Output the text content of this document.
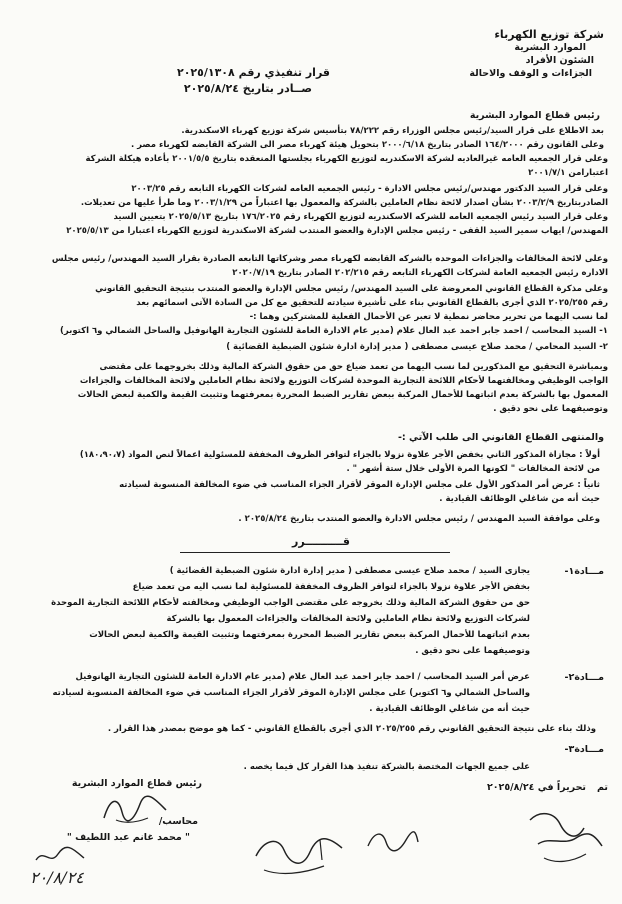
شركة توزيع الكهرباء
الموارد البشرية
الشئون الأفراد
الجزاءات و الوقف والاحالة
قرار تنفيذي رقم ٢٠٢٥/١٣٠٨
صــادر بتاريخ ٢٠٢٥/٨/٢٤
رئيس قطاع الموارد البشرية
بعد الاطلاع على قرار السيد/رئيس مجلس الوزراء رقم ٧٨/٢٢٢ بتأسيس شركة توزيع كهرباء الاسكندرية.
وعلى القانون رقم ١٦٤/٢٠٠٠ الصادر بتاريخ ٢٠٠٠/٦/١٨ بتحويل هيئة كهرباء مصر الى الشركة القابضه لكهرباء مصر .
وعلى قرار الجمعيه العامه غيرالعاديه لشركة الاسكندريه لتوزيع الكهرباء بجلستها المنعقده بتاريخ ٢٠٠١/٥/٥ بأعاده هيكلة الشركة
اعتبارامن ٢٠٠١/٧/١
وعلى قرار السيد الدكتور مهندس/رئيس مجلس الادارة - رئيس الجمعيه العامه لشركات الكهرباء التابعه رقم ٢٠٠٣/٢٥
الصادربتاريخ ٢٠٠٣/٢/٩ بشأن اصدار لائحة نظام العاملين بالشركة والمعمول بها اعتباراً من ٢٠٠٣/١/٢٩ وما طرأ عليها من تعديلات.
وعلى قرار السيد رئيس الجمعيه العامه للشركه الاسكندريه لتوزيع الكهرباء رقم ١٧٦/٢٠٢٥ بتاريخ ٢٠٢٥/٥/١٣ بتعيين السيد
المهندس/ ايهاب سمير السيد القفى - رئيس مجلس الإدارة والعضو المنتدب لشركة الاسكندرية لتوزيع الكهرباء اعتبارا من ٢٠٢٥/٥/١٣
وعلى لائحة المخالفات والجزاءات الموحده بالشركه القابضه لكهرباء مصر وشركاتها التابعه الصادرة بقرار السيد المهندس/ رئيس مجلس
الاداره رئيس الجمعيه العامة لشركات الكهرباء التابعه رقم ٢٠٢/٢١٥ الصادر بتاريخ ٢٠٢٠/٧/١٩
وعلى مذكرة القطاع القانوني المعروضة على السيد المهندس/ رئيس مجلس الإدارة والعضو المنتدب بنتيجة التحقيق القانوني
رقم ٢٠٢٥/٢٥٥ الذي أجرى بالقطاع القانوني بناء على تأشيرة سيادته للتحقيق مع كل من السادة الآتى اسمائهم بعد
لما نسب اليهما من تحرير محاضر نمطية لا تعبر عن الأحمال الفعلية للمشتركين وهما :-
١- السيد المحاسب / احمد جابر احمد عبد العال علام (مدير عام الادارة العامة للشئون التجارية الهانوفيل والساحل الشمالي و٦ اكتوبر)
٢- السيد المحامي / محمد صلاح عيسى مصطفى ( مدير إدارة ادارة شئون الضبطية القضائية )
وبمباشرة التحقيق مع المذكورين لما نسب اليهما من تعمد ضياع حق من حقوق الشركة المالية وذلك بخروجهما على مقتضى
الواجب الوظيفي ومخالفتهما لأحكام اللائحة التجارية الموحدة لشركات التوزيع ولائحة نظام العاملين ولائحة المخالفات والجزاءات
المعمول بها بالشركة بعدم اثباتهما للأحمال المركبة ببعض تقارير الضبط المحررة بمعرفتهما وتثبيت القيمة والكمية لبعض الحالات
وتوصيفهما على نحو دقيق .
والمنتهى القطاع القانوني الى طلب الآتي :-
أولاً : مجازاة المذكور الثاني بخفض الأجر علاوة نزولا بالجزاء لتوافر الظروف المخففة للمسئولية اعمالاً لنص المواد (١٨٠،٩٠،٧)
من لائحة المخالفات " لكونها المرة الأولى خلال ستة أشهر " .
ثانياً : عرض أمر المذكور الأول على مجلس الإدارة الموقر لأقرار الجزاء المناسب في ضوء المخالفة المنسوبة لسيادته
حيث أنه من شاغلي الوظائف القيادية .
وعلى موافقة السيد المهندس / رئيس مجلس الادارة والعضو المنتدب بتاريخ ٢٠٢٥/٨/٢٤ .
قــــــــــرر
مـــادة١-
يجازى السيد / محمد صلاح عيسى مصطفى ( مدير إدارة ادارة شئون الضبطية القضائية )
بخفض الأجر علاوة نزولا بالجزاء لتوافر الظروف المخففة للمسئولية لما نسب اليه من تعمد ضياع
حق من حقوق الشركة المالية وذلك بخروجه على مقتضى الواجب الوظيفي ومخالفته لأحكام اللائحة التجارية الموحدة
لشركات التوزيع ولائحة نظام العاملين ولائحة المخالفات والجزاءات المعمول بها بالشركة
بعدم اثباتهما للأحمال المركبة ببعض تقارير الضبط المحررة بمعرفتهما وتثبيت القيمة والكمية لبعض الحالات
وتوصيفهما على نحو دقيق .
مـــادة٢-
عرض أمر السيد المحاسب / احمد جابر احمد عبد العال علام (مدير عام الادارة العامة للشئون التجارية الهانوفيل
والساحل الشمالي و٦ اكتوبر) على مجلس الإدارة الموقر لأقرار الجزاء المناسب في ضوء المخالفة المنسوبة لسيادته
حيث أنه من شاغلي الوظائف القيادية .
وذلك بناء على نتيجة التحقيق القانوني رقم ٢٠٢٥/٢٥٥ الذي أجرى بالقطاع القانوني - كما هو موضح بمصدر هذا القرار .
مـــادة٣-
على جميع الجهات المختصة بالشركة تنفيذ هذا القرار كل فيما يخصه .
رئيس قطاع الموارد البشرية	تم
تحريراً في ٢٠٢٥/٨/٢٤
محاسب/
" محمد غانم عبد اللطيف "
٢٠/٨/٢٤
